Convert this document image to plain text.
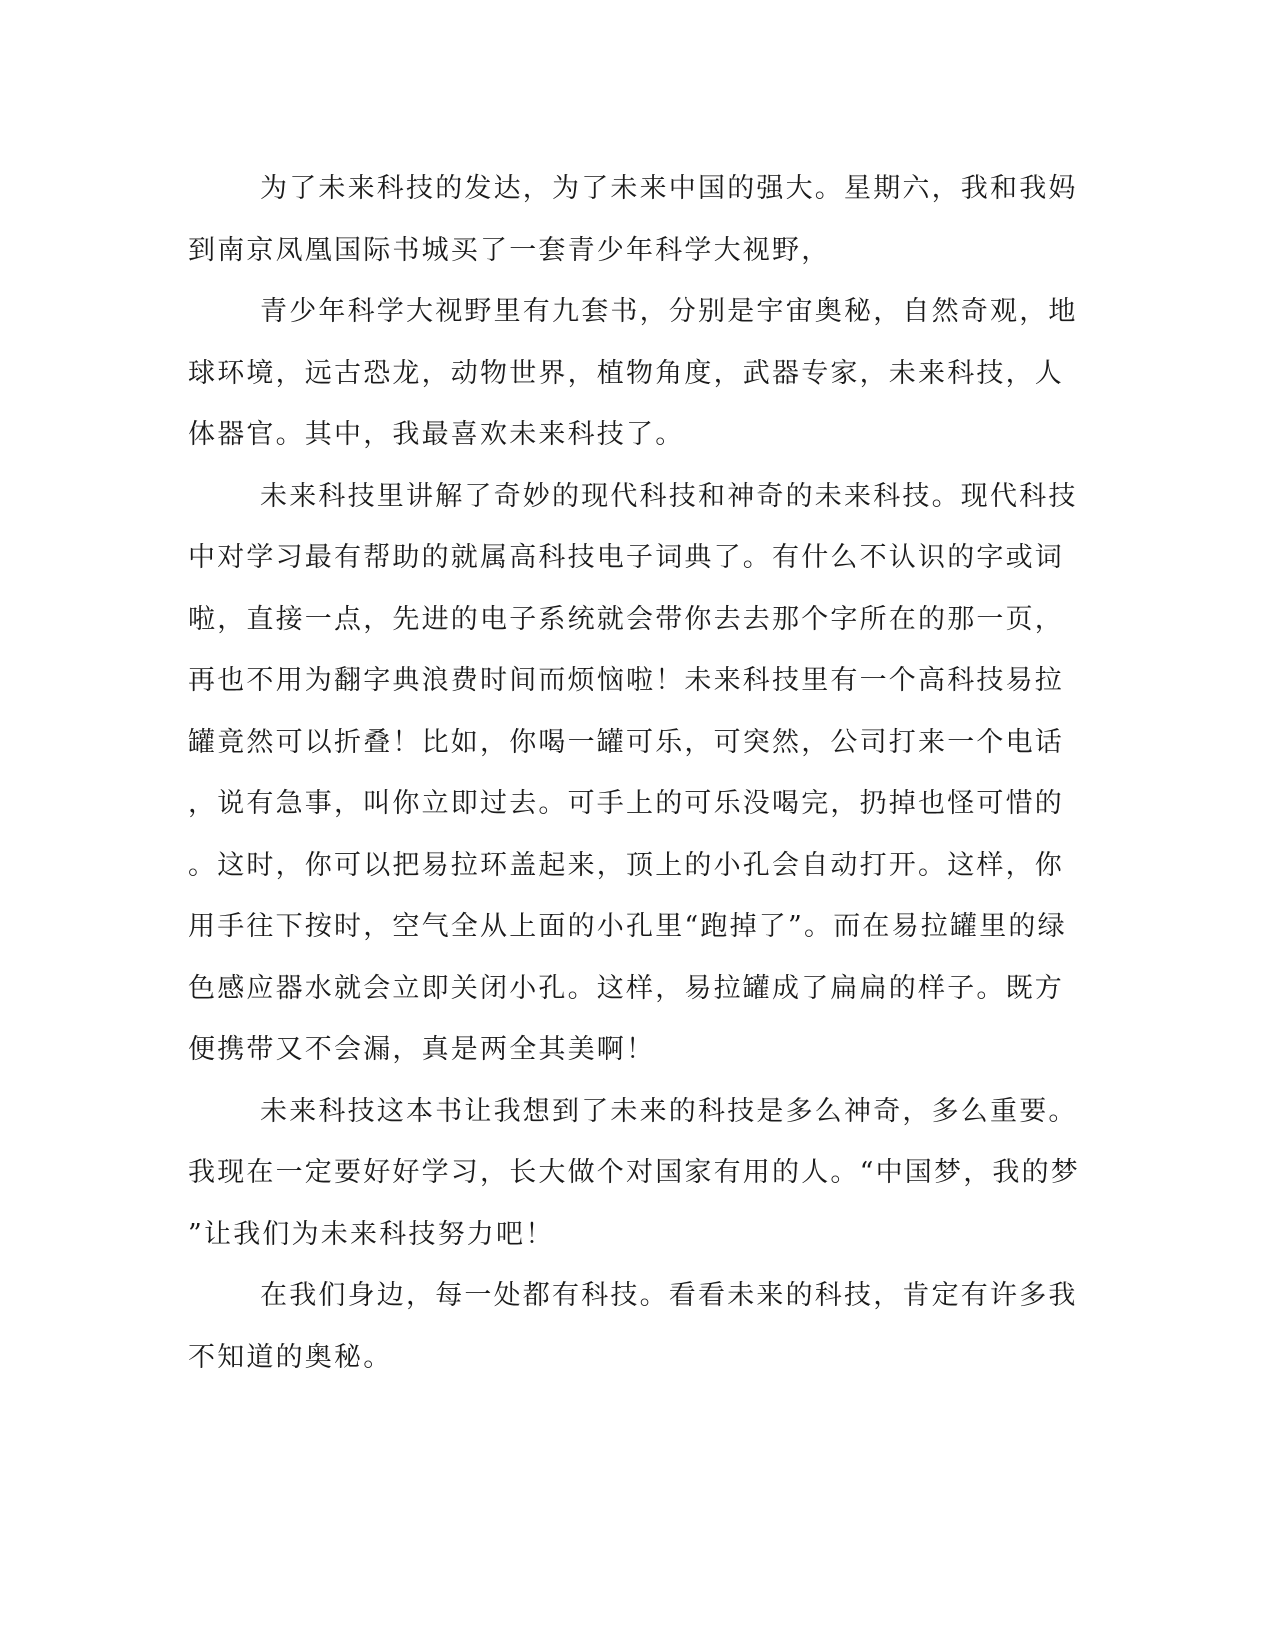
为了未来科技的发达，为了未来中国的强大。星期六，我和我妈
到南京凤凰国际书城买了一套青少年科学大视野，
青少年科学大视野里有九套书，分别是宇宙奥秘，自然奇观，地
球环境，远古恐龙，动物世界，植物角度，武器专家，未来科技，人
体器官。其中，我最喜欢未来科技了。
未来科技里讲解了奇妙的现代科技和神奇的未来科技。现代科技
中对学习最有帮助的就属高科技电子词典了。有什么不认识的字或词
啦，直接一点，先进的电子系统就会带你去去那个字所在的那一页，
再也不用为翻字典浪费时间而烦恼啦！未来科技里有一个高科技易拉
罐竟然可以折叠！比如，你喝一罐可乐，可突然，公司打来一个电话
，说有急事，叫你立即过去。可手上的可乐没喝完，扔掉也怪可惜的
。这时，你可以把易拉环盖起来，顶上的小孔会自动打开。这样，你
用手往下按时，空气全从上面的小孔里“跑掉了”。而在易拉罐里的绿
色感应器水就会立即关闭小孔。这样，易拉罐成了扁扁的样子。既方
便携带又不会漏，真是两全其美啊！
未来科技这本书让我想到了未来的科技是多么神奇，多么重要。
我现在一定要好好学习，长大做个对国家有用的人。“中国梦，我的梦
”让我们为未来科技努力吧！
在我们身边，每一处都有科技。看看未来的科技，肯定有许多我
不知道的奥秘。
